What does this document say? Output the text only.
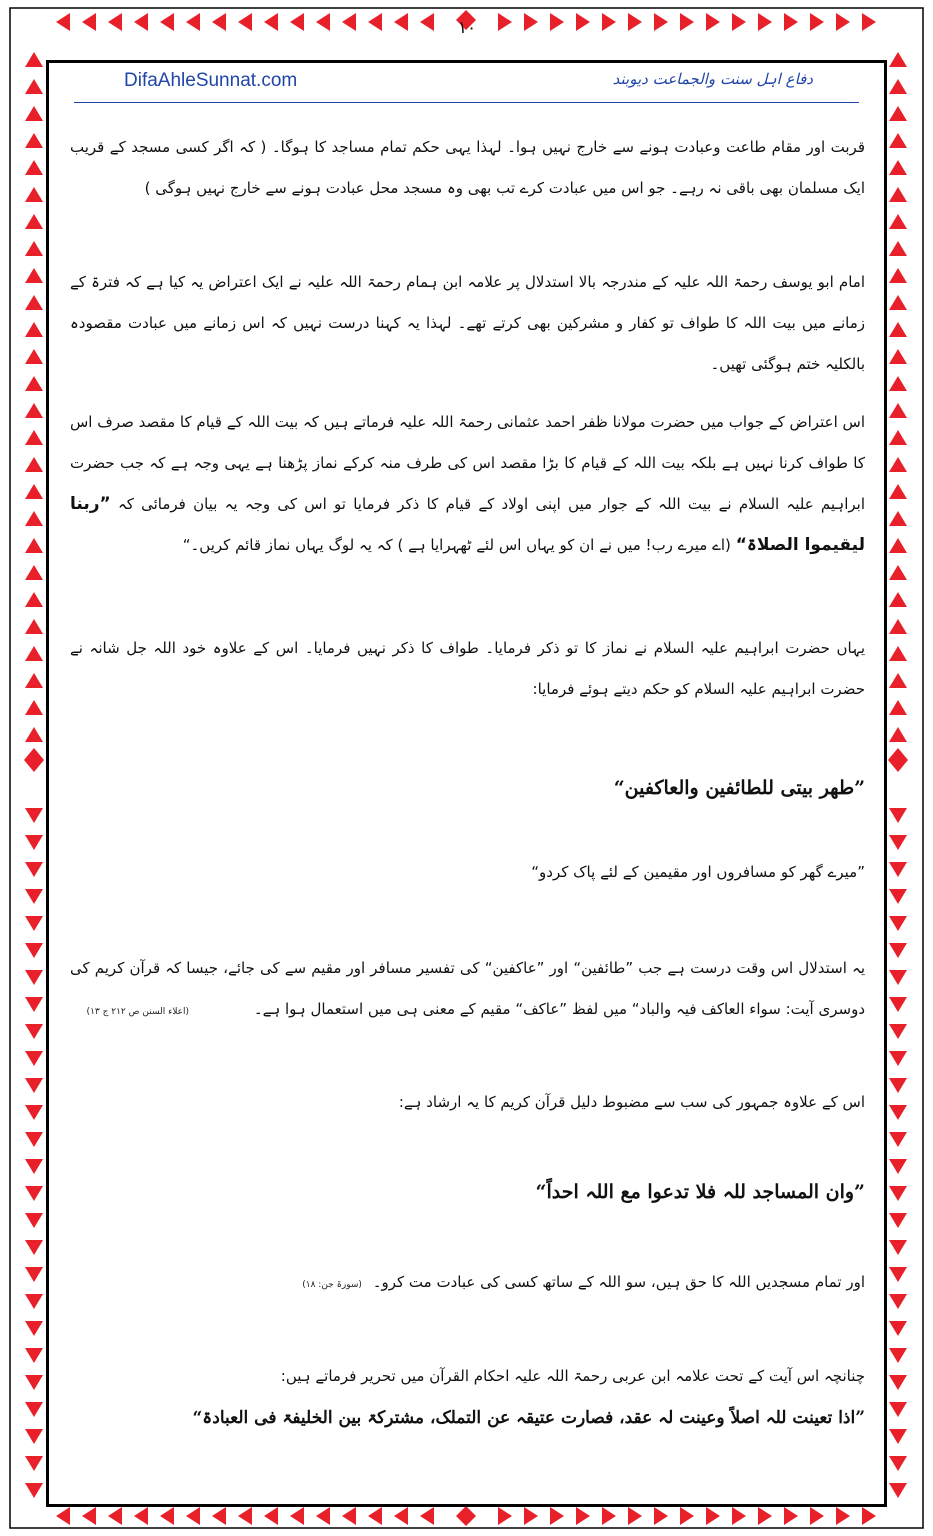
۱۰
DifaAhleSunnat.com	دفاع اہل سنت والجماعت دیوبند
قربت اور مقام طاعت وعبادت ہونے سے خارج نہیں ہوا۔ لہذا یہی حکم تمام مساجد کا ہوگا۔ ( کہ اگر کسی مسجد کے قریب ایک مسلمان بھی باقی نہ رہے۔ جو اس میں عبادت کرے تب بھی وہ مسجد محل عبادت ہونے سے خارج نہیں ہوگی )
امام ابو یوسف رحمۃ اللہ علیہ کے مندرجہ بالا استدلال پر علامہ ابن ہمام رحمۃ اللہ علیہ نے ایک اعتراض یہ کیا ہے کہ فترۃ کے زمانے میں بیت اللہ کا طواف تو کفار و مشرکین بھی کرتے تھے۔ لہذا یہ کہنا درست نہیں کہ اس زمانے میں عبادت مقصودہ بالکلیہ ختم ہوگئی تھیں۔
اس اعتراض کے جواب میں حضرت مولانا ظفر احمد عثمانی رحمۃ اللہ علیہ فرماتے ہیں کہ بیت اللہ کے قیام کا مقصد صرف اس کا طواف کرنا نہیں ہے بلکہ بیت اللہ کے قیام کا بڑا مقصد اس کی طرف منہ کرکے نماز پڑھنا ہے یہی وجہ ہے کہ جب حضرت ابراہیم علیہ السلام نے بیت اللہ کے جوار میں اپنی اولاد کے قیام کا ذکر فرمایا تو اس کی وجہ یہ بیان فرمائی کہ ”ربنا لیقیموا الصلاۃ“ (اے میرے رب! میں نے ان کو یہاں اس لئے ٹھہرایا ہے ) کہ یہ لوگ یہاں نماز قائم کریں۔“
یہاں حضرت ابراہیم علیہ السلام نے نماز کا تو ذکر فرمایا۔ طواف کا ذکر نہیں فرمایا۔ اس کے علاوہ خود اللہ جل شانہ نے حضرت ابراہیم علیہ السلام کو حکم دیتے ہوئے فرمایا:
”طھر بیتی للطائفین والعاکفین“
”میرے گھر کو مسافروں اور مقیمین کے لئے پاک کردو“
یہ استدلال اس وقت درست ہے جب ”طائفین“ اور ”عاکفین“ کی تفسیر مسافر اور مقیم سے کی جائے، جیسا کہ قرآن کریم کی دوسری آیت: سواء العاکف فیہ والباد“ میں لفظ ”عاکف“ مقیم کے معنی ہی میں استعمال ہوا ہے۔ (اعلاء السنن ص ۲۱۲ ج ۱۳)
اس کے علاوہ جمہور کی سب سے مضبوط دلیل قرآن کریم کا یہ ارشاد ہے:
”وان المساجد للہ فلا تدعوا مع اللہ احداً“
اور تمام مسجدیں اللہ کا حق ہیں، سو اللہ کے ساتھ کسی کی عبادت مت کرو۔ (سورۃ جن: ۱۸)
چنانچہ اس آیت کے تحت علامہ ابن عربی رحمۃ اللہ علیہ احکام القرآن میں تحریر فرماتے ہیں:
”اذا تعینت للہ اصلاً وعینت لہ عقد، فصارت عتیقہ عن التملک، مشترکۃ بین الخلیفۃ فی العبادۃ“
